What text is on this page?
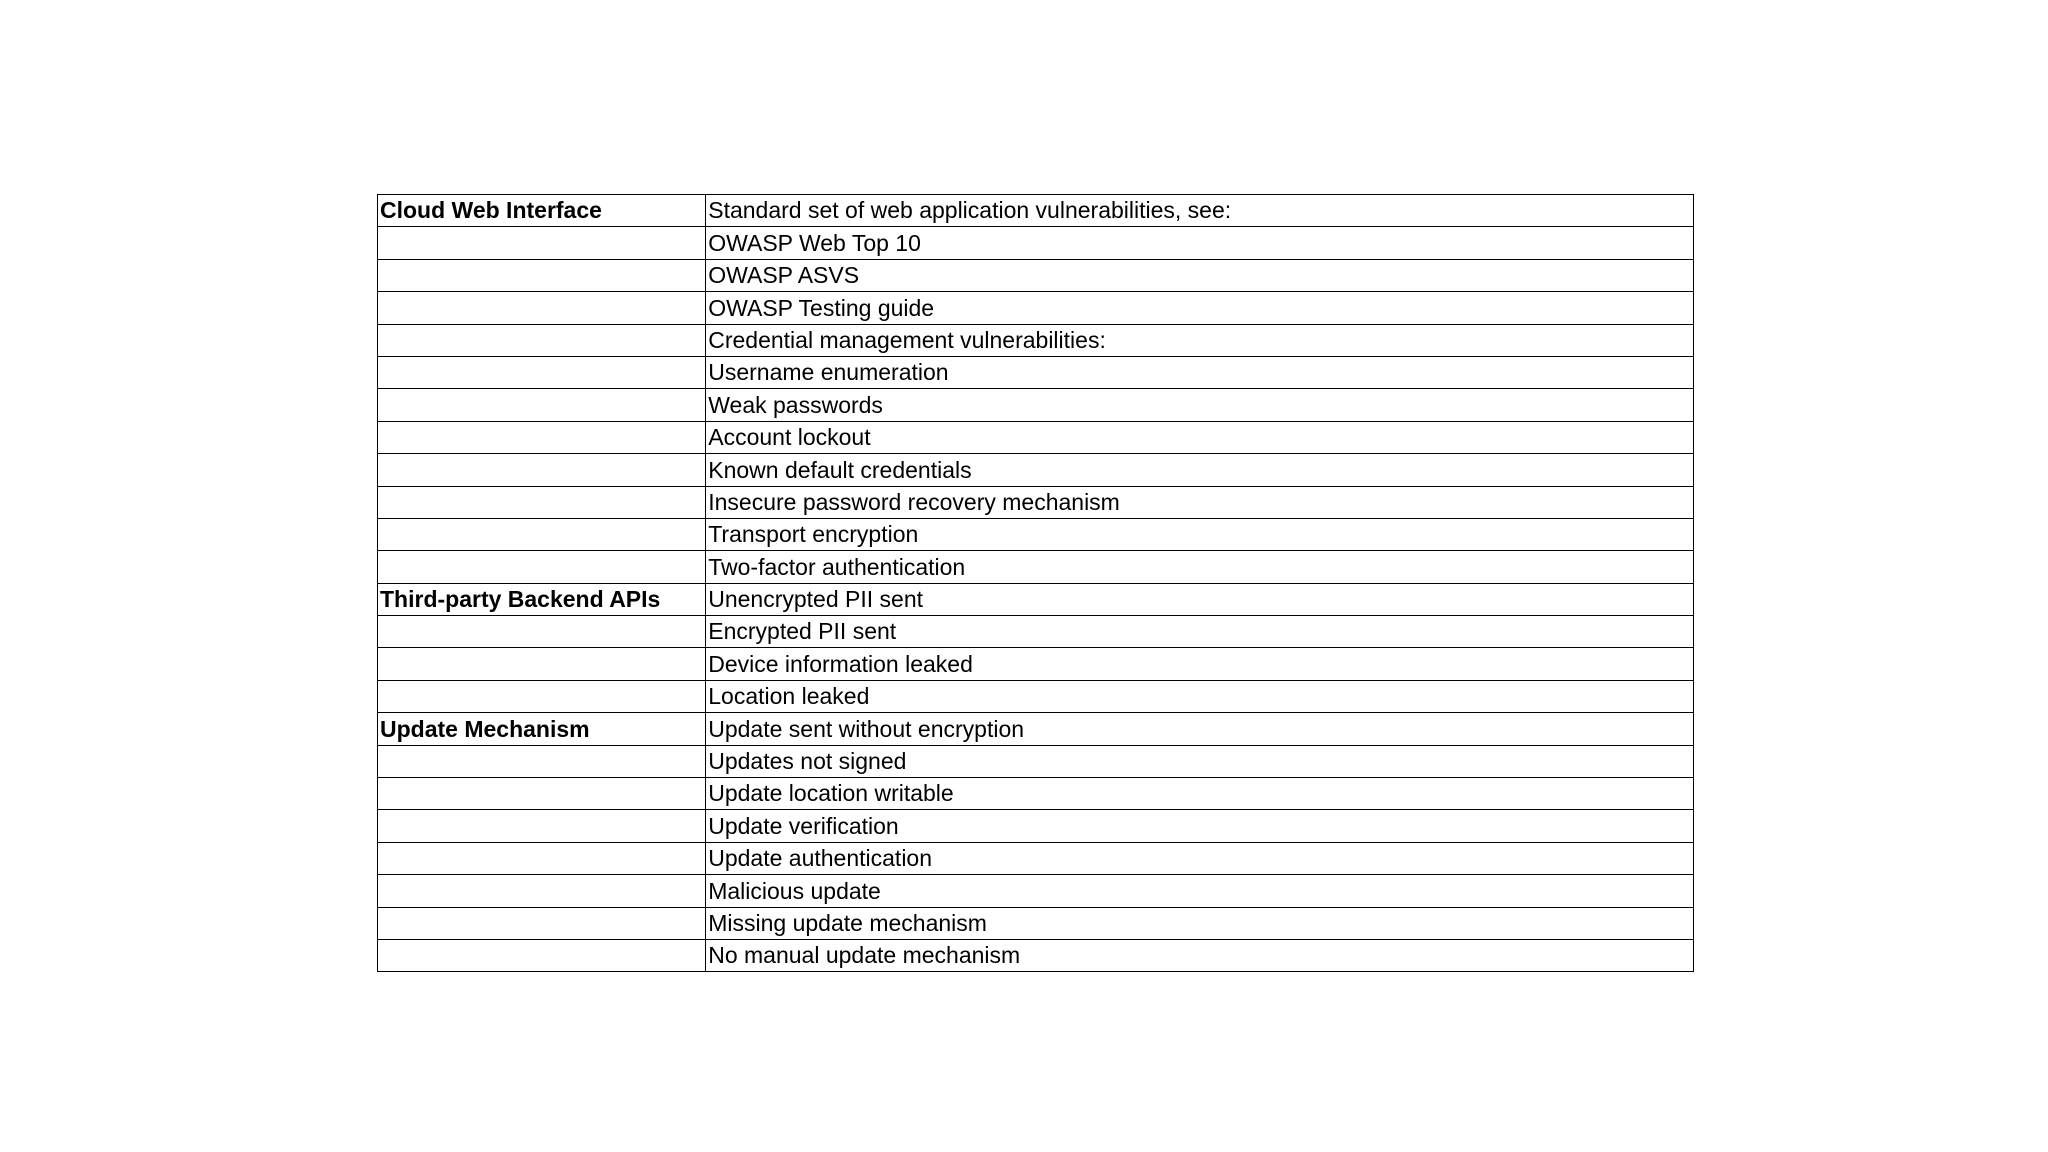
Cloud Web Interface	Standard set of web application vulnerabilities, see:
	OWASP Web Top 10
	OWASP ASVS
	OWASP Testing guide
	Credential management vulnerabilities:
	Username enumeration
	Weak passwords
	Account lockout
	Known default credentials
	Insecure password recovery mechanism
	Transport encryption
	Two-factor authentication
Third-party Backend APIs	Unencrypted PII sent
	Encrypted PII sent
	Device information leaked
	Location leaked
Update Mechanism	Update sent without encryption
	Updates not signed
	Update location writable
	Update verification
	Update authentication
	Malicious update
	Missing update mechanism
	No manual update mechanism
